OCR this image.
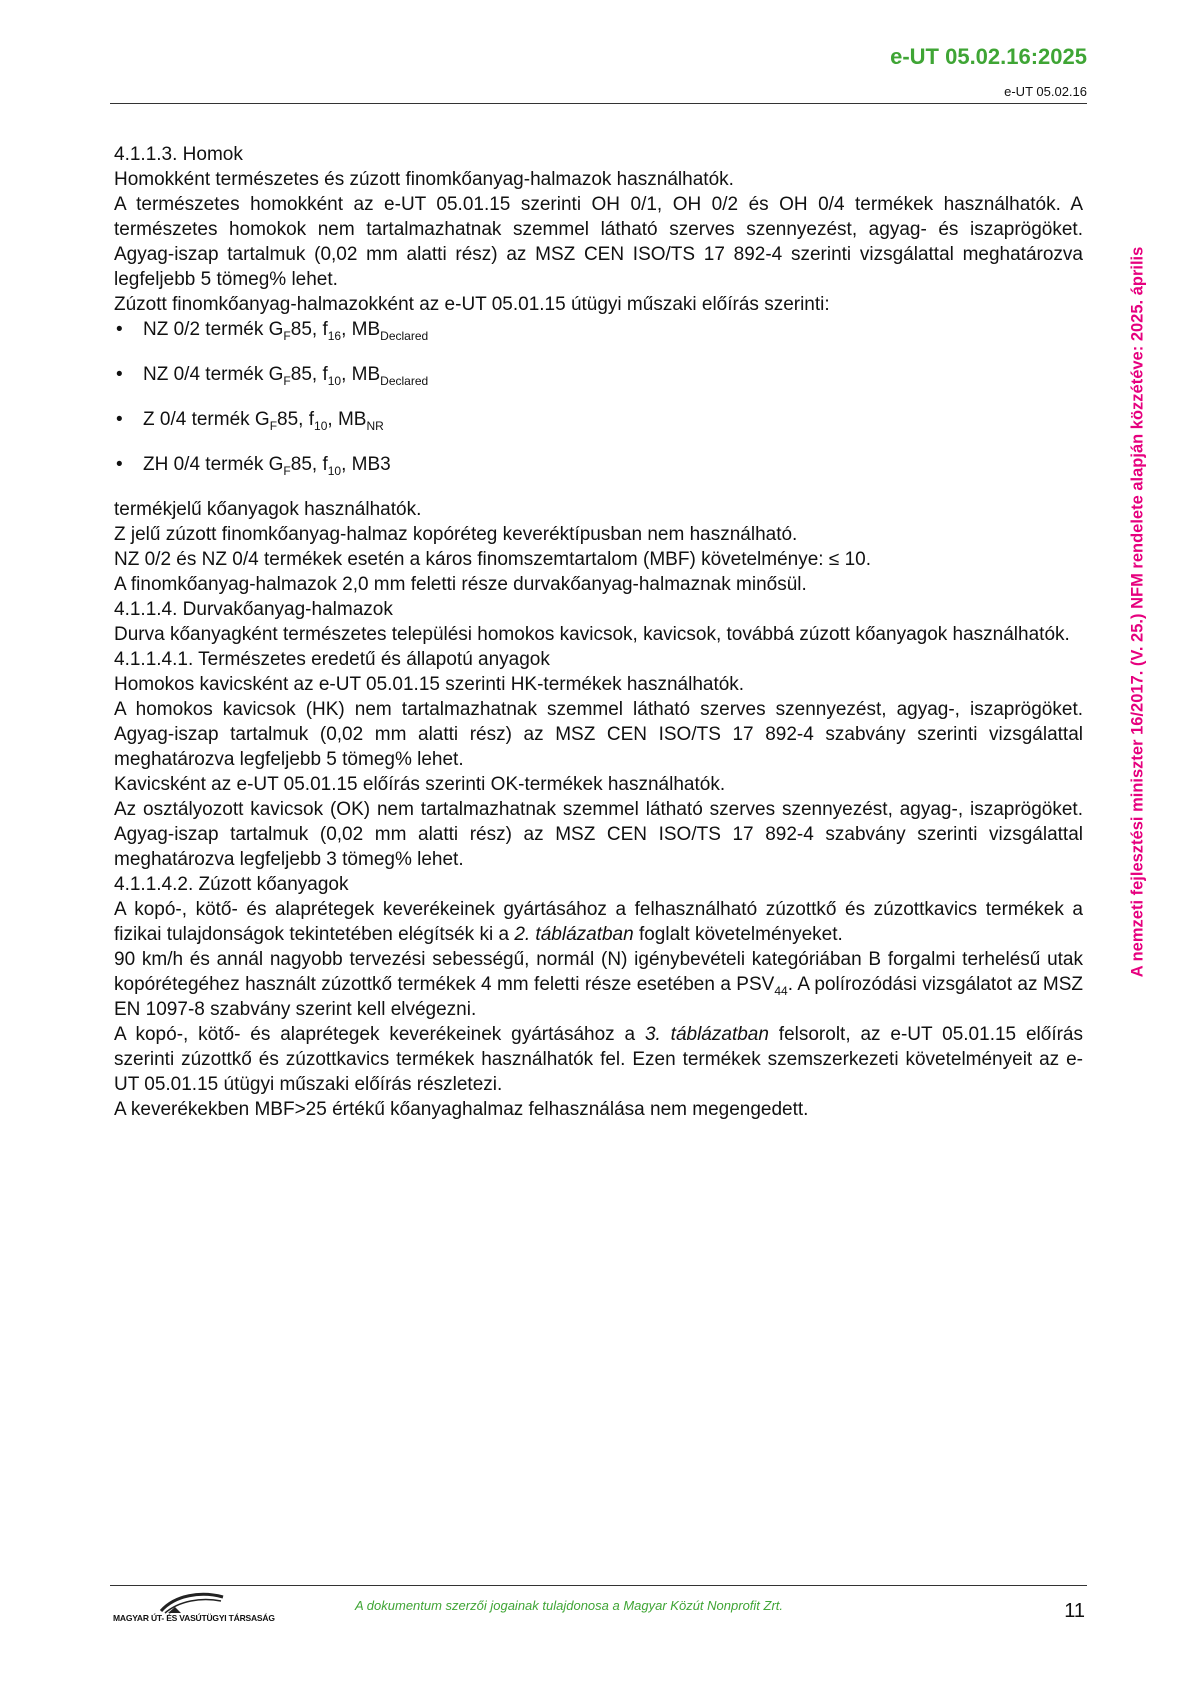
e-UT 05.02.16:2025
e-UT 05.02.16
A nemzeti fejlesztési miniszter 16/2017. (V. 25.) NFM rendelete alapján közzétéve: 2025. április

4.1.1.3. Homok

Homokként természetes és zúzott finomkőanyag-halmazok használhatók.

A természetes homokként az e-UT 05.01.15 szerinti OH 0/1, OH 0/2 és OH 0/4 termékek használhatók. A természetes homokok nem tartalmazhatnak szemmel látható szerves szennyezést, agyag- és iszaprögöket. Agyag-iszap tartalmuk (0,02 mm alatti rész) az MSZ CEN ISO/TS 17 892-4 szerinti vizsgálattal meghatározva legfeljebb 5 tömeg% lehet.

Zúzott finomkőanyag-halmazokként az e-UT 05.01.15 útügyi műszaki előírás szerinti:

• NZ 0/2 termék $G_F85$, $f_{16}$, $MB_{Declared}$
• NZ 0/4 termék $G_F85$, $f_{10}$, $MB_{Declared}$
• Z 0/4 termék $G_F85$, $f_{10}$, $MB_{NR}$
• ZH 0/4 termék $G_F85$, $f_{10}$, MB3

termékjelű kőanyagok használhatók.

Z jelű zúzott finomkőanyag-halmaz kopóréteg keveréktípusban nem használható.

NZ 0/2 és NZ 0/4 termékek esetén a káros finomszemtartalom (MBF) követelménye: ≤ 10.

A finomkőanyag-halmazok 2,0 mm feletti része durvakőanyag-halmaznak minősül.

4.1.1.4. Durvakőanyag-halmazok

Durva kőanyagként természetes települési homokos kavicsok, kavicsok, továbbá zúzott kőanyagok használhatók.

4.1.1.4.1. Természetes eredetű és állapotú anyagok

Homokos kavicsként az e-UT 05.01.15 szerinti HK-termékek használhatók.

A homokos kavicsok (HK) nem tartalmazhatnak szemmel látható szerves szennyezést, agyag-, iszaprögöket. Agyag-iszap tartalmuk (0,02 mm alatti rész) az MSZ CEN ISO/TS 17 892-4 szabvány szerinti vizsgálattal meghatározva legfeljebb 5 tömeg% lehet.

Kavicsként az e-UT 05.01.15 előírás szerinti OK-termékek használhatók.

Az osztályozott kavicsok (OK) nem tartalmazhatnak szemmel látható szerves szennyezést, agyag-, iszaprögöket. Agyag-iszap tartalmuk (0,02 mm alatti rész) az MSZ CEN ISO/TS 17 892-4 szabvány szerinti vizsgálattal meghatározva legfeljebb 3 tömeg% lehet.

4.1.1.4.2. Zúzott kőanyagok

A kopó-, kötő- és alaprétegek keverékeinek gyártásához a felhasználható zúzottkő és zúzottkavics termékek a fizikai tulajdonságok tekintetében elégítsék ki a 2. táblázatban foglalt követelményeket.

90 km/h és annál nagyobb tervezési sebességű, normál (N) igénybevételi kategóriában B forgalmi terhelésű utak kopórétegéhez használt zúzottkő termékek 4 mm feletti része esetében a $PSV_{44}$. A polírozódási vizsgálatot az MSZ EN 1097-8 szabvány szerint kell elvégezni.

A kopó-, kötő- és alaprétegek keverékeinek gyártásához a 3. táblázatban felsorolt, az e-UT 05.01.15 előírás szerinti zúzottkő és zúzottkavics termékek használhatók fel. Ezen termékek szemszerkezeti követelményeit az e-UT 05.01.15 útügyi műszaki előírás részletezi.

A keverékekben MBF>25 értékű kőanyaghalmaz felhasználása nem megengedett.

MAGYAR ÚT- ÉS VASÚTÜGYI TÁRSASÁG
A dokumentum szerzői jogainak tulajdonosa a Magyar Közút Nonprofit Zrt.	11
